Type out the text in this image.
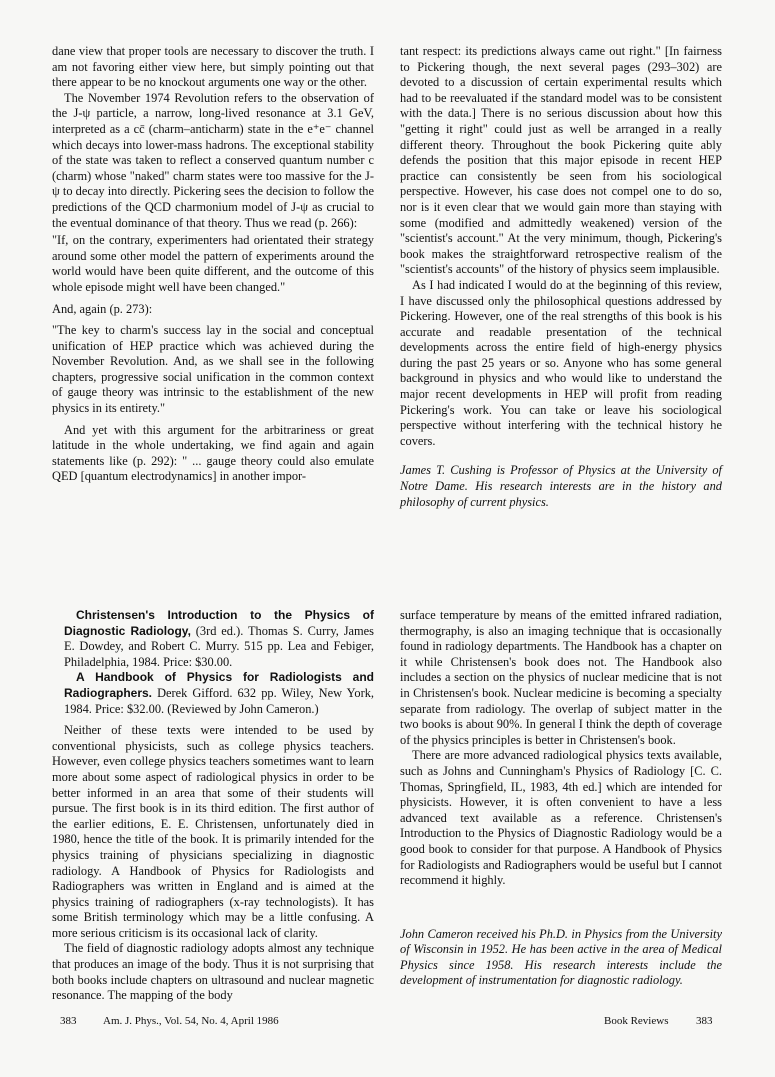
dane view that proper tools are necessary to discover the truth. I am not favoring either view here, but simply pointing out that there appear to be no knockout arguments one way or the other.

The November 1974 Revolution refers to the observation of the J-ψ particle, a narrow, long-lived resonance at 3.1 GeV, interpreted as a cc̄ (charm–anticharm) state in the e⁺e⁻ channel which decays into lower-mass hadrons. The exceptional stability of the state was taken to reflect a conserved quantum number c (charm) whose "naked" charm states were too massive for the J-ψ to decay into directly. Pickering sees the decision to follow the predictions of the QCD charmonium model of J-ψ as crucial to the eventual dominance of that theory. Thus we read (p. 266):

"If, on the contrary, experimenters had orientated their strategy around some other model the pattern of experiments around the world would have been quite different, and the outcome of this whole episode might well have been changed."

And, again (p. 273):

"The key to charm's success lay in the social and conceptual unification of HEP practice which was achieved during the November Revolution. And, as we shall see in the following chapters, progressive social unification in the common context of gauge theory was intrinsic to the establishment of the new physics in its entirety."

And yet with this argument for the arbitrariness or great latitude in the whole undertaking, we find again and again statements like (p. 292): " ... gauge theory could also emulate QED [quantum electrodynamics] in another impor-

tant respect: its predictions always came out right." [In fairness to Pickering though, the next several pages (293–302) are devoted to a discussion of certain experimental results which had to be reevaluated if the standard model was to be consistent with the data.] There is no serious discussion about how this "getting it right" could just as well be arranged in a really different theory. Throughout the book Pickering quite ably defends the position that this major episode in recent HEP practice can consistently be seen from his sociological perspective. However, his case does not compel one to do so, nor is it even clear that we would gain more than staying with some (modified and admittedly weakened) version of the "scientist's account." At the very minimum, though, Pickering's book makes the straightforward retrospective realism of the "scientist's accounts" of the history of physics seem implausible.

As I had indicated I would do at the beginning of this review, I have discussed only the philosophical questions addressed by Pickering. However, one of the real strengths of this book is his accurate and readable presentation of the technical developments across the entire field of high-energy physics during the past 25 years or so. Anyone who has some general background in physics and who would like to understand the major recent developments in HEP will profit from reading Pickering's work. You can take or leave his sociological perspective without interfering with the technical history he covers.

James T. Cushing is Professor of Physics at the University of Notre Dame. His research interests are in the history and philosophy of current physics.

Christensen's Introduction to the Physics of Diagnostic Radiology, (3rd ed.). Thomas S. Curry, James E. Dowdey, and Robert C. Murry. 515 pp. Lea and Febiger, Philadelphia, 1984. Price: $30.00.

A Handbook of Physics for Radiologists and Radiographers. Derek Gifford. 632 pp. Wiley, New York, 1984. Price: $32.00. (Reviewed by John Cameron.)

Neither of these texts were intended to be used by conventional physicists, such as college physics teachers. However, even college physics teachers sometimes want to learn more about some aspect of radiological physics in order to be better informed in an area that some of their students will pursue. The first book is in its third edition. The first author of the earlier editions, E. E. Christensen, unfortunately died in 1980, hence the title of the book. It is primarily intended for the physics training of physicians specializing in diagnostic radiology. A Handbook of Physics for Radiologists and Radiographers was written in England and is aimed at the physics training of radiographers (x-ray technologists). It has some British terminology which may be a little confusing. A more serious criticism is its occasional lack of clarity.

The field of diagnostic radiology adopts almost any technique that produces an image of the body. Thus it is not surprising that both books include chapters on ultrasound and nuclear magnetic resonance. The mapping of the body

surface temperature by means of the emitted infrared radiation, thermography, is also an imaging technique that is occasionally found in radiology departments. The Handbook has a chapter on it while Christensen's book does not. The Handbook also includes a section on the physics of nuclear medicine that is not in Christensen's book. Nuclear medicine is becoming a specialty separate from radiology. The overlap of subject matter in the two books is about 90%. In general I think the depth of coverage of the physics principles is better in Christensen's book.

There are more advanced radiological physics texts available, such as Johns and Cunningham's Physics of Radiology [C. C. Thomas, Springfield, IL, 1983, 4th ed.] which are intended for physicists. However, it is often convenient to have a less advanced text available as a reference. Christensen's Introduction to the Physics of Diagnostic Radiology would be a good book to consider for that purpose. A Handbook of Physics for Radiologists and Radiographers would be useful but I cannot recommend it highly.

John Cameron received his Ph.D. in Physics from the University of Wisconsin in 1952. He has been active in the area of Medical Physics since 1958. His research interests include the development of instrumentation for diagnostic radiology.

383 Am. J. Phys., Vol. 54, No. 4, April 1986	Book Reviews	383
